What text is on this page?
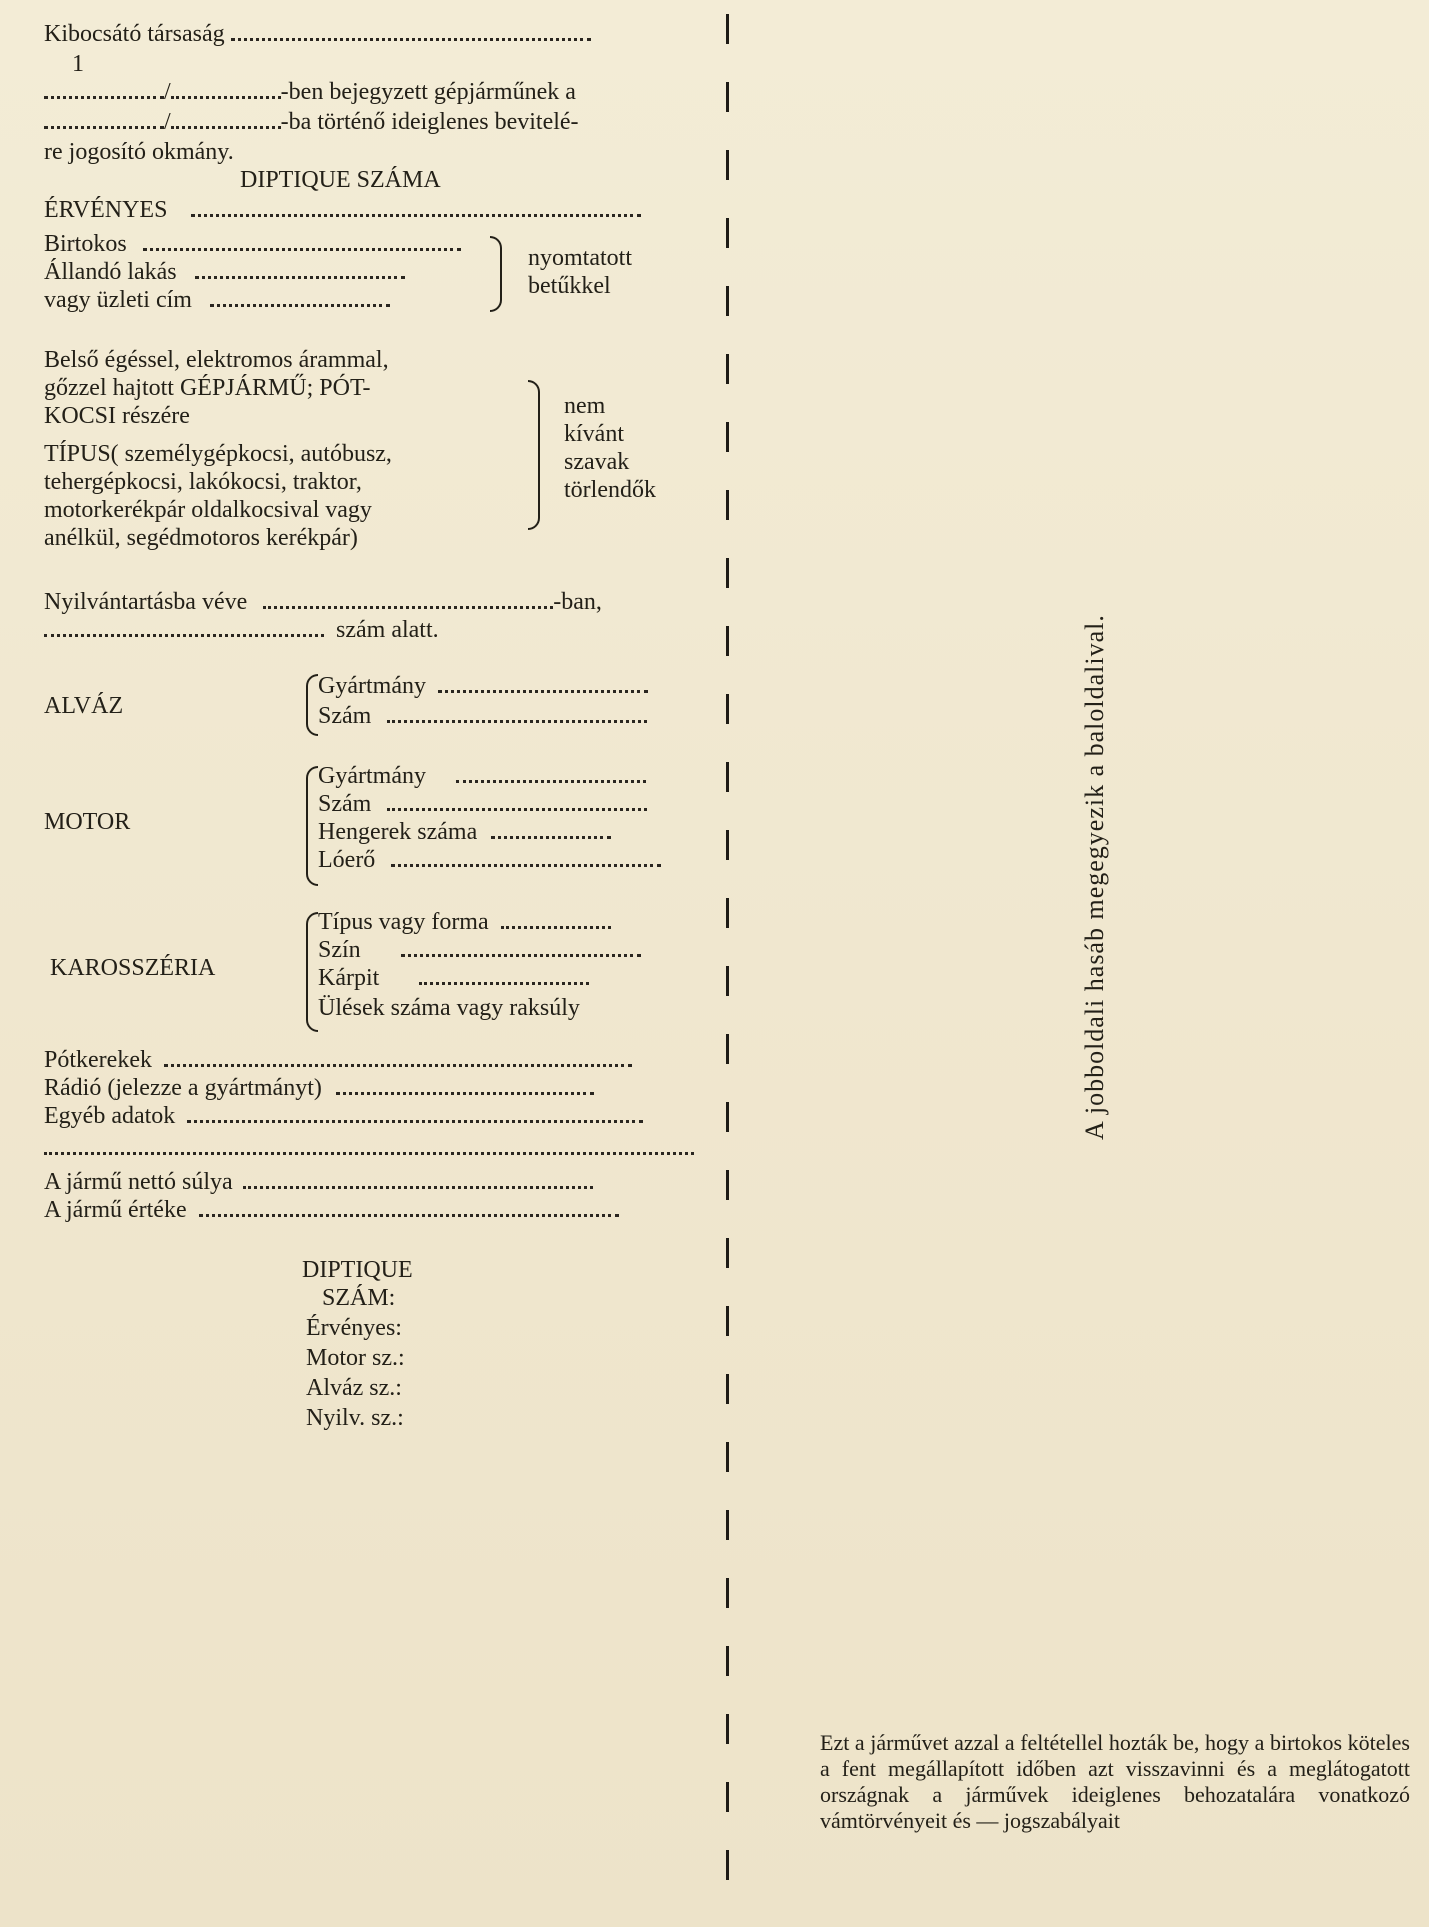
Kibocsátó társaság
1
/	-ben bejegyzett gépjárműnek a
/	-ba történő ideiglenes bevitelé-
re jogosító okmány.
DIPTIQUE SZÁMA
ÉRVÉNYES
Birtokos
Állandó lakás
vagy üzleti cím
nyomtatott
betűkkel
Belső égéssel, elektromos árammal,
gőzzel hajtott GÉPJÁRMŰ; PÓT-
KOCSI részére
TÍPUS( személygépkocsi, autóbusz,
tehergépkocsi, lakókocsi, traktor,
motorkerékpár oldalkocsival vagy
anélkül, segédmotoros kerékpár)
nem
kívánt
szavak
törlendők
Nyilvántartásba véve	-ban,
szám alatt.
ALVÁZ
Gyártmány
Szám
MOTOR
Gyártmány
Szám
Hengerek száma
Lóerő
KAROSSZÉRIA
Típus vagy forma
Szín
Kárpit
Ülések száma vagy raksúly
Pótkerekek
Rádió (jelezze a gyártmányt)
Egyéb adatok
A jármű nettó súlya
A jármű értéke
DIPTIQUE
SZÁM:
Érvényes:
Motor sz.:
Alváz sz.:
Nyilv. sz.:
A jobboldali hasáb megegyezik a baloldalival.
Ezt a járművet azzal a feltétellel hozták be, hogy a birtokos köteles a fent megállapított időben azt visszavinni és a meglátogatott országnak a járművek ideiglenes behozatalára vonatkozó vámtörvényeit és — jogszabályait
